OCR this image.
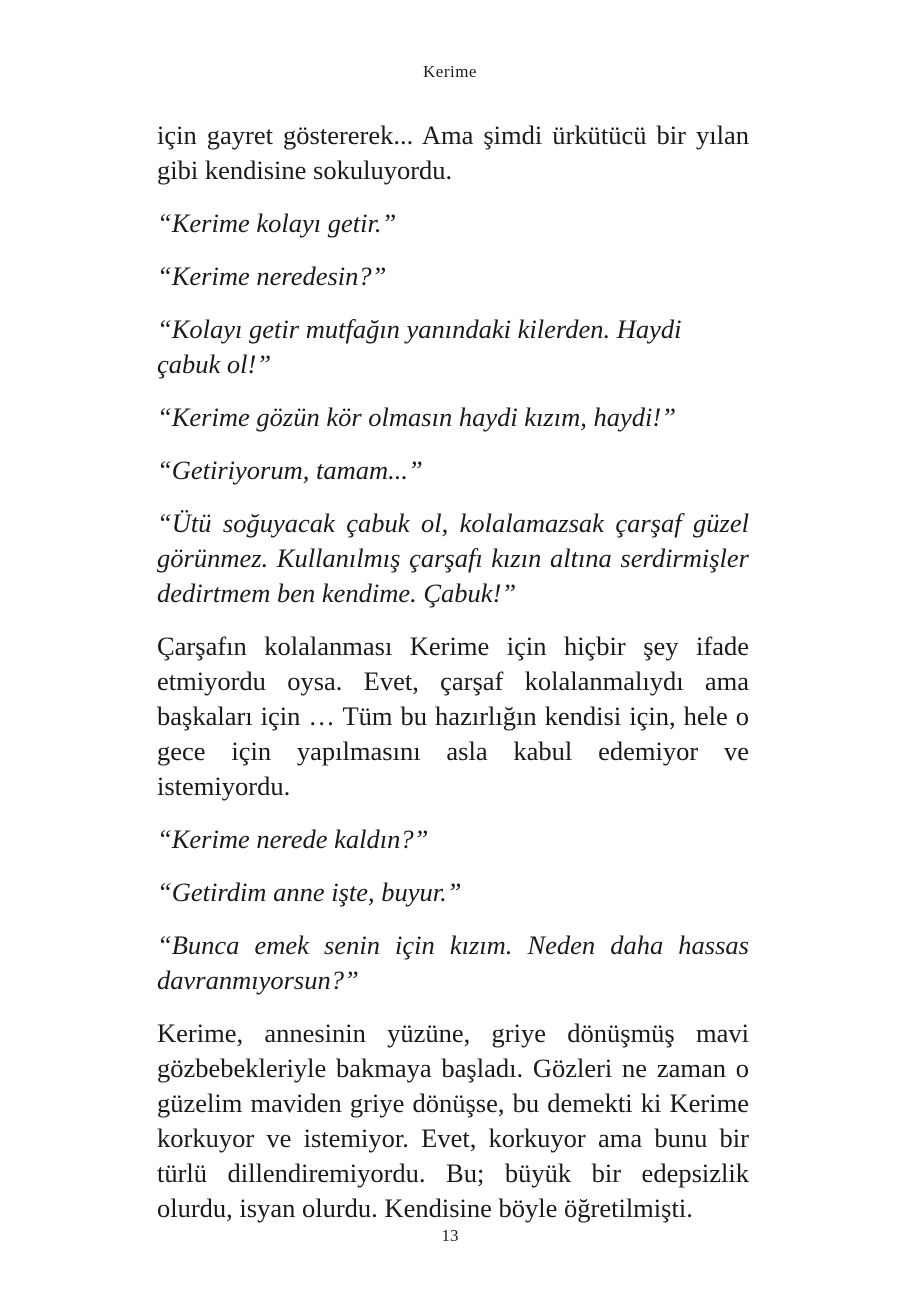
Kerime

için gayret göstererek... Ama şimdi ürkütücü bir yılan gibi kendisine sokuluyordu.

“Kerime kolayı getir.”

“Kerime neredesin?”

“Kolayı getir mutfağın yanındaki kilerden. Haydi çabuk ol!”

“Kerime gözün kör olmasın haydi kızım, haydi!”

“Getiriyorum, tamam...”

“Ütü soğuyacak çabuk ol, kolalamazsak çarşaf güzel görünmez. Kullanılmış çarşafı kızın altına serdirmişler dedirtmem ben kendime. Çabuk!”

Çarşafın kolalanması Kerime için hiçbir şey ifade etmiyordu oysa. Evet, çarşaf kolalanmalıydı ama başkaları için … Tüm bu hazırlığın kendisi için, hele o gece için yapılmasını asla kabul edemiyor ve istemiyordu.

“Kerime nerede kaldın?”

“Getirdim anne işte, buyur.”

“Bunca emek senin için kızım. Neden daha hassas davranmıyorsun?”

Kerime, annesinin yüzüne, griye dönüşmüş mavi gözbebekleriyle bakmaya başladı. Gözleri ne zaman o güzelim maviden griye dönüşse, bu demekti ki Kerime korkuyor ve istemiyor. Evet, korkuyor ama bunu bir türlü dillendiremiyordu. Bu; büyük bir edepsizlik olurdu, isyan olurdu. Kendisine böyle öğretilmişti.

13
